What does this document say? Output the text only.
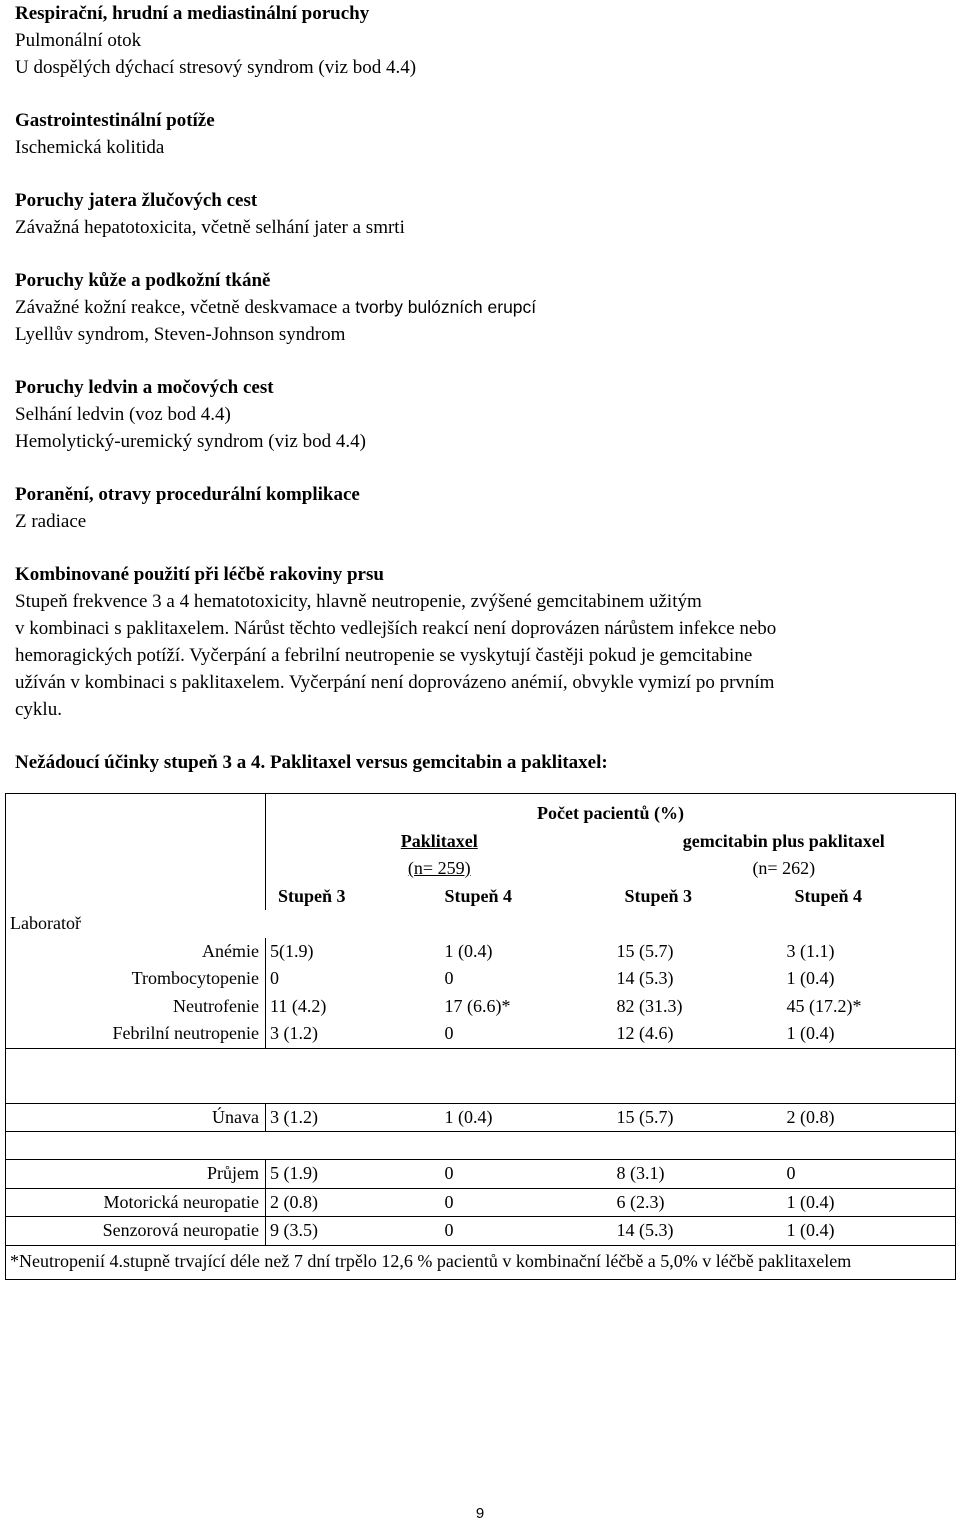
Respirační, hrudní a mediastinální poruchy
Pulmonální otok
U dospělých dýchací stresový syndrom (viz bod 4.4)
Gastrointestinální potíže
Ischemická kolitida
Poruchy jatera žlučových cest
Závažná hepatotoxicita, včetně selhání jater a smrti
Poruchy kůže a podkožní tkáně
Závažné kožní reakce, včetně deskvamace a tvorby bulózních erupcí
Lyellův syndrom, Steven-Johnson syndrom
Poruchy ledvin a močových cest
Selhání ledvin (voz bod 4.4)
Hemolytický-uremický syndrom (viz bod 4.4)
Poranění, otravy procedurální komplikace
Z radiace
Kombinované použití při léčbě rakoviny prsu
Stupeň frekvence 3 a 4 hematotoxicity, hlavně neutropenie, zvýšené gemcitabinem užitým
v kombinaci s paklitaxelem. Nárůst těchto vedlejších reakcí není doprovázen nárůstem infekce nebo
hemoragických potíží. Vyčerpání a febrilní neutropenie se vyskytují častěji pokud je gemcitabine
užíván v kombinaci s paklitaxelem. Vyčerpání není doprovázeno anémií, obvykle vymizí po prvním
cyklu.
Nežádoucí účinky stupeň 3 a 4. Paklitaxel versus gemcitabin a paklitaxel:
	Počet pacientů (%)			
	Paklitaxel		gemcitabin plus paklitaxel	
	(n= 259)		(n= 262)	
	Stupeň 3	Stupeň 4	Stupeň 3	Stupeň 4
Laboratoř				
Anémie	5(1.9)	1 (0.4)	15 (5.7)	3 (1.1)
Trombocytopenie	0	0	14 (5.3)	1 (0.4)
Neutrofenie	11 (4.2)	17 (6.6)*	82 (31.3)	45 (17.2)*
Febrilní neutropenie	3 (1.2)	0	12 (4.6)	1 (0.4)

Únava	3 (1.2)	1 (0.4)	15 (5.7)	2 (0.8)

Průjem	5 (1.9)	0	8 (3.1)	0
Motorická neuropatie	2 (0.8)	0	6 (2.3)	1 (0.4)
Senzorová neuropatie	9 (3.5)	0	14 (5.3)	1 (0.4)
*Neutropenií 4.stupně trvající déle než 7 dní trpělo 12,6 % pacientů v kombinační léčbě a 5,0% v léčbě paklitaxelem				
9
